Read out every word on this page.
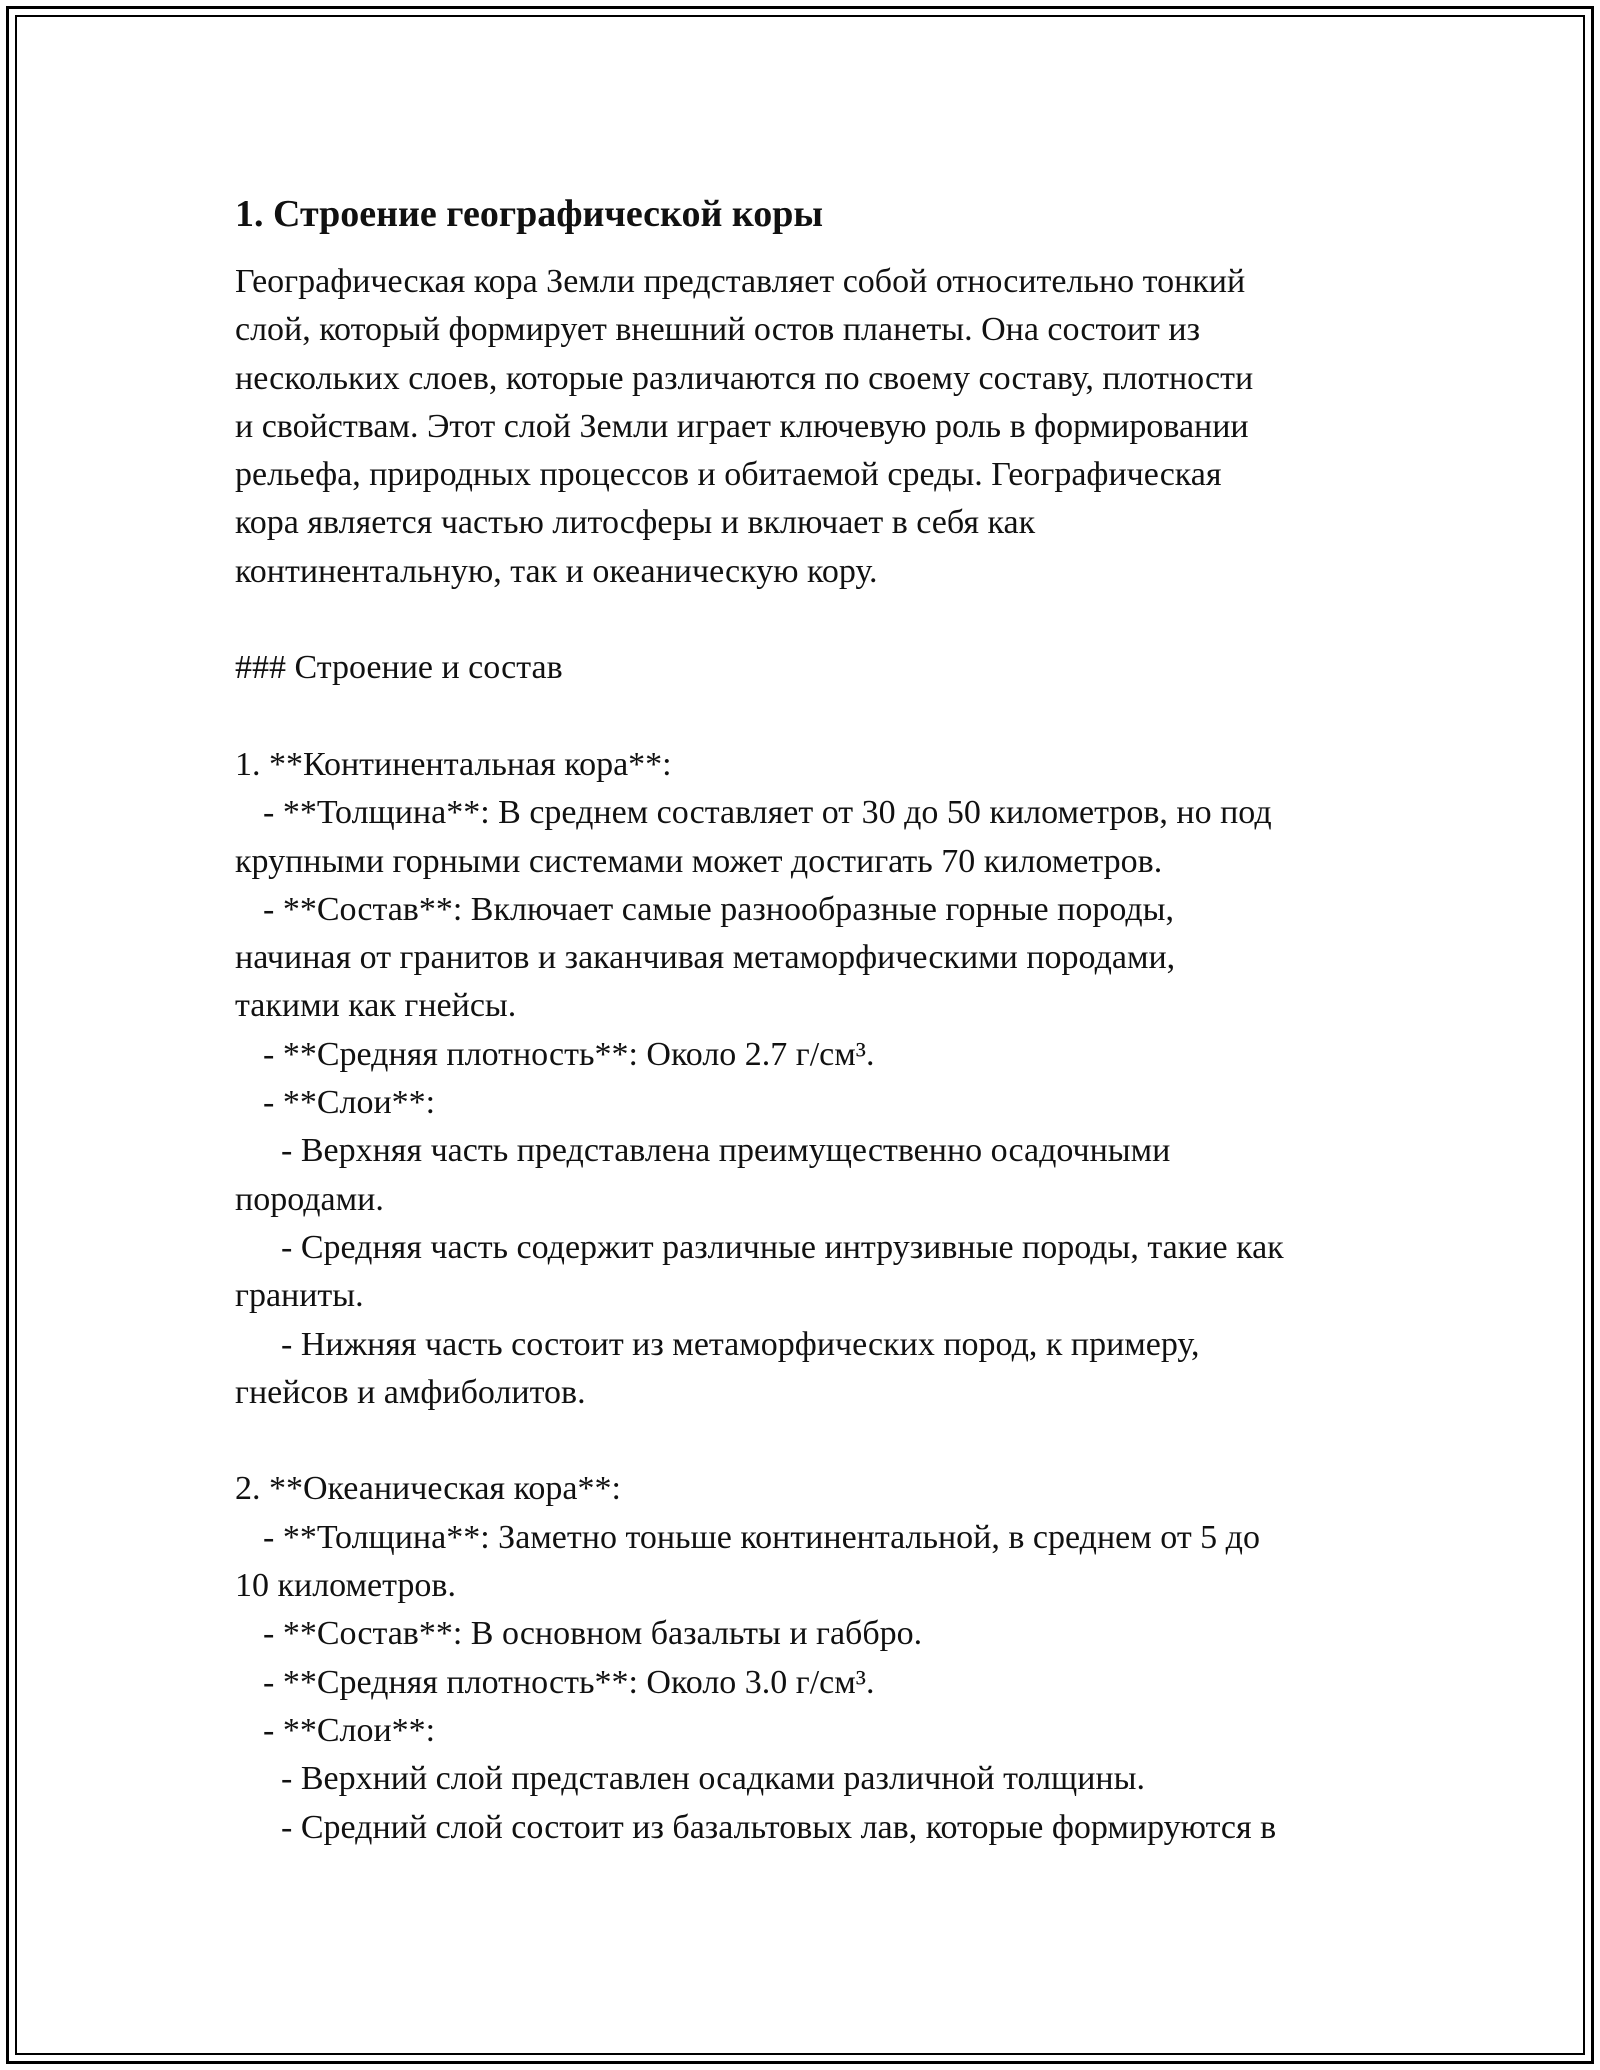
1. Строение географической коры
Географическая кора Земли представляет собой относительно тонкий
слой, который формирует внешний остов планеты. Она состоит из
нескольких слоев, которые различаются по своему составу, плотности
и свойствам. Этот слой Земли играет ключевую роль в формировании
рельефа, природных процессов и обитаемой среды. Географическая
кора является частью литосферы и включает в себя как
континентальную, так и океаническую кору.
### Строение и состав
1. **Континентальная кора**:
- **Толщина**: В среднем составляет от 30 до 50 километров, но под
крупными горными системами может достигать 70 километров.
- **Состав**: Включает самые разнообразные горные породы,
начиная от гранитов и заканчивая метаморфическими породами,
такими как гнейсы.
- **Средняя плотность**: Около 2.7 г/см³.
- **Слои**:
- Верхняя часть представлена преимущественно осадочными
породами.
- Средняя часть содержит различные интрузивные породы, такие как
граниты.
- Нижняя часть состоит из метаморфических пород, к примеру,
гнейсов и амфиболитов.
2. **Океаническая кора**:
- **Толщина**: Заметно тоньше континентальной, в среднем от 5 до
10 километров.
- **Состав**: В основном базальты и габбро.
- **Средняя плотность**: Около 3.0 г/см³.
- **Слои**:
- Верхний слой представлен осадками различной толщины.
- Средний слой состоит из базальтовых лав, которые формируются в
